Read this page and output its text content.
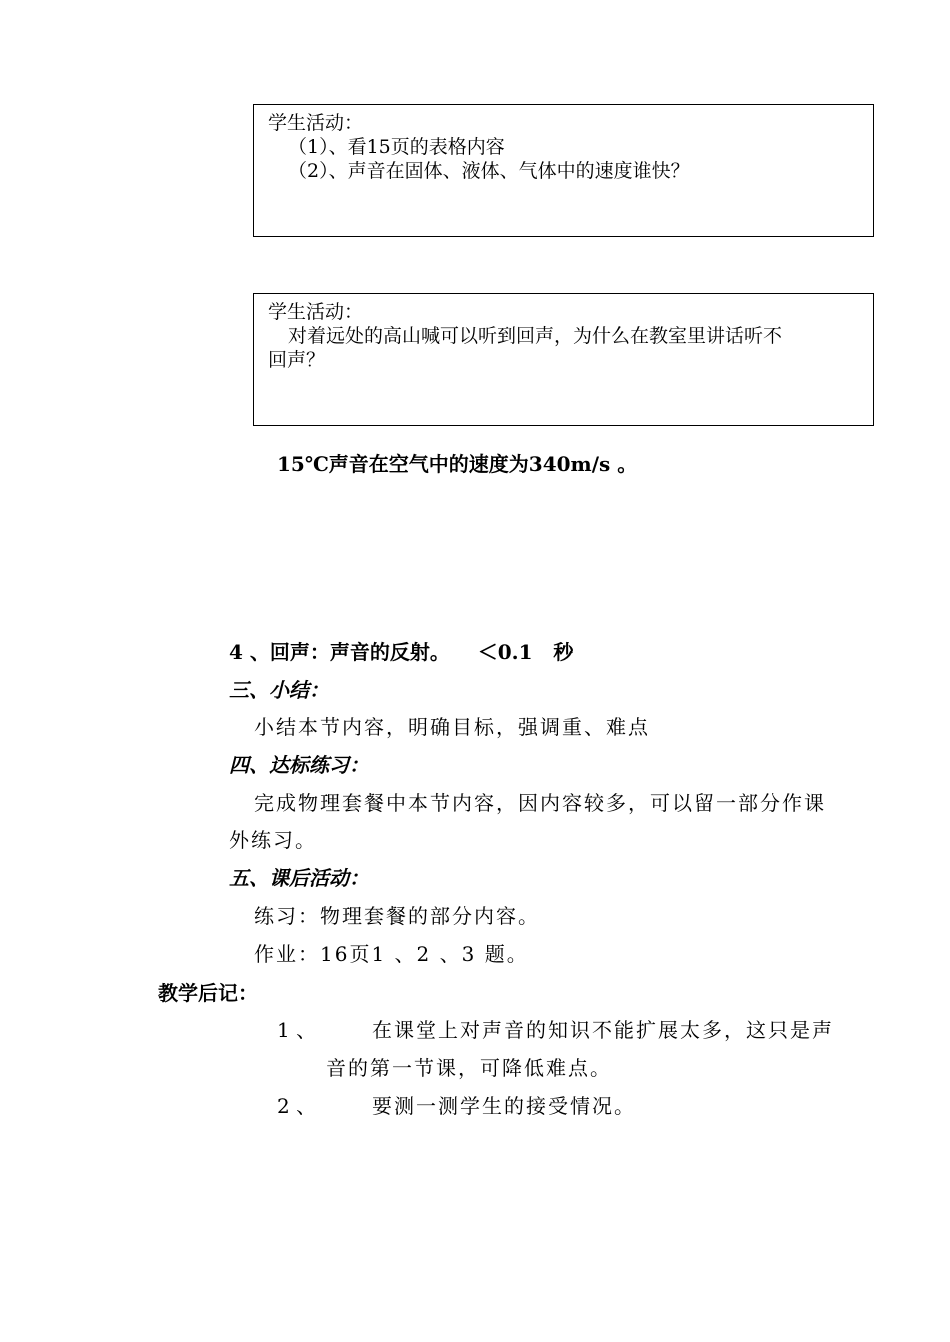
学生活动：
（1）、看15页的表格内容
（2）、声音在固体、液体、气体中的速度谁快？
学生活动：
对着远处的高山喊可以听到回声，为什么在教室里讲话听不
回声？
15℃声音在空气中的速度为340m/s 。
4 、回声：声音的反射。    ＜0.1   秒
三、小结：
小结本节内容，明确目标，强调重、难点
四、达标练习：
完成物理套餐中本节内容，因内容较多，可以留一部分作课
外练习。
五、课后活动：
练习：物理套餐的部分内容。
作业：16页1 、2 、3 题。
教学后记：
1 、	在课堂上对声音的知识不能扩展太多，这只是声
音的第一节课，可降低难点。
2 、	要测一测学生的接受情况。
